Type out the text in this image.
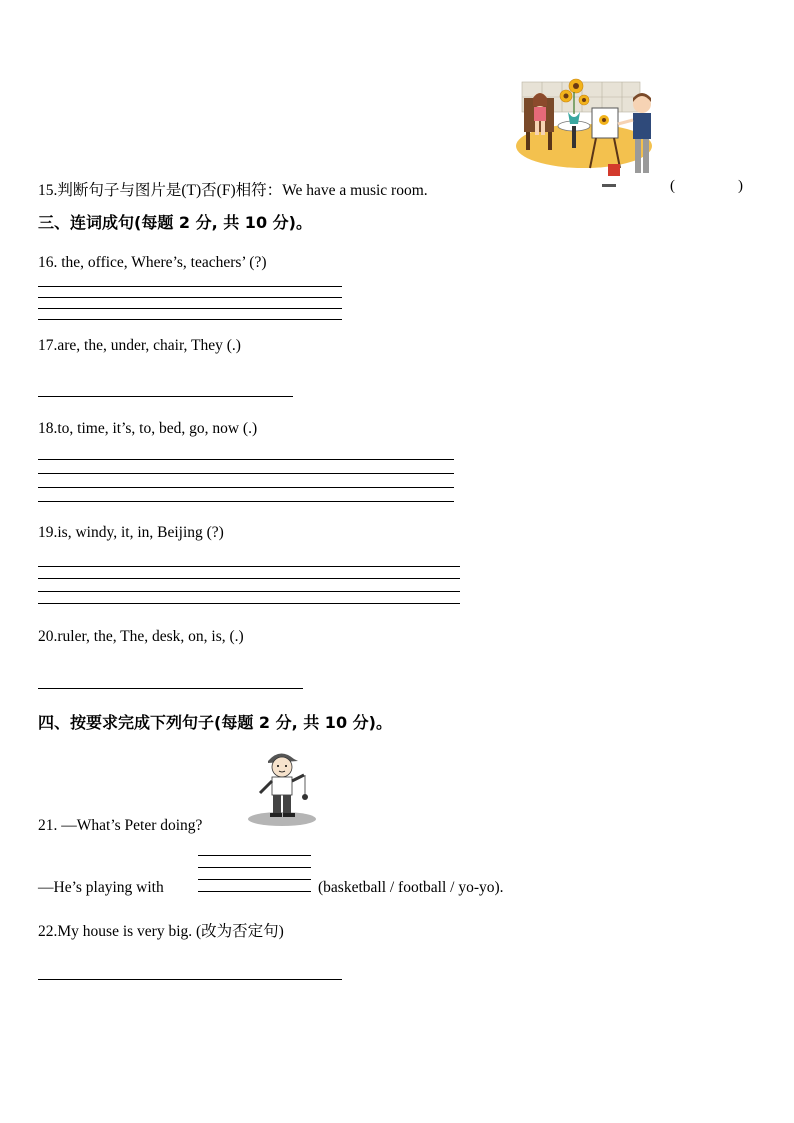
15.判断句子与图片是(T)否(F)相符：We have a music room.	(	)
三、连词成句(每题 2 分, 共 10 分)。
16. the, office, Where’s, teachers’ (?)
17.are, the, under, chair, They (.)
18.to, time, it’s, to, bed, go, now (.)
19.is, windy, it, in, Beijing (?)
20.ruler, the, The, desk, on, is, (.)
四、按要求完成下列句子(每题 2 分, 共 10 分)。
21. —What’s Peter doing?
—He’s playing with	(basketball / football / yo-yo).
22.My house is very big. (改为否定句)
